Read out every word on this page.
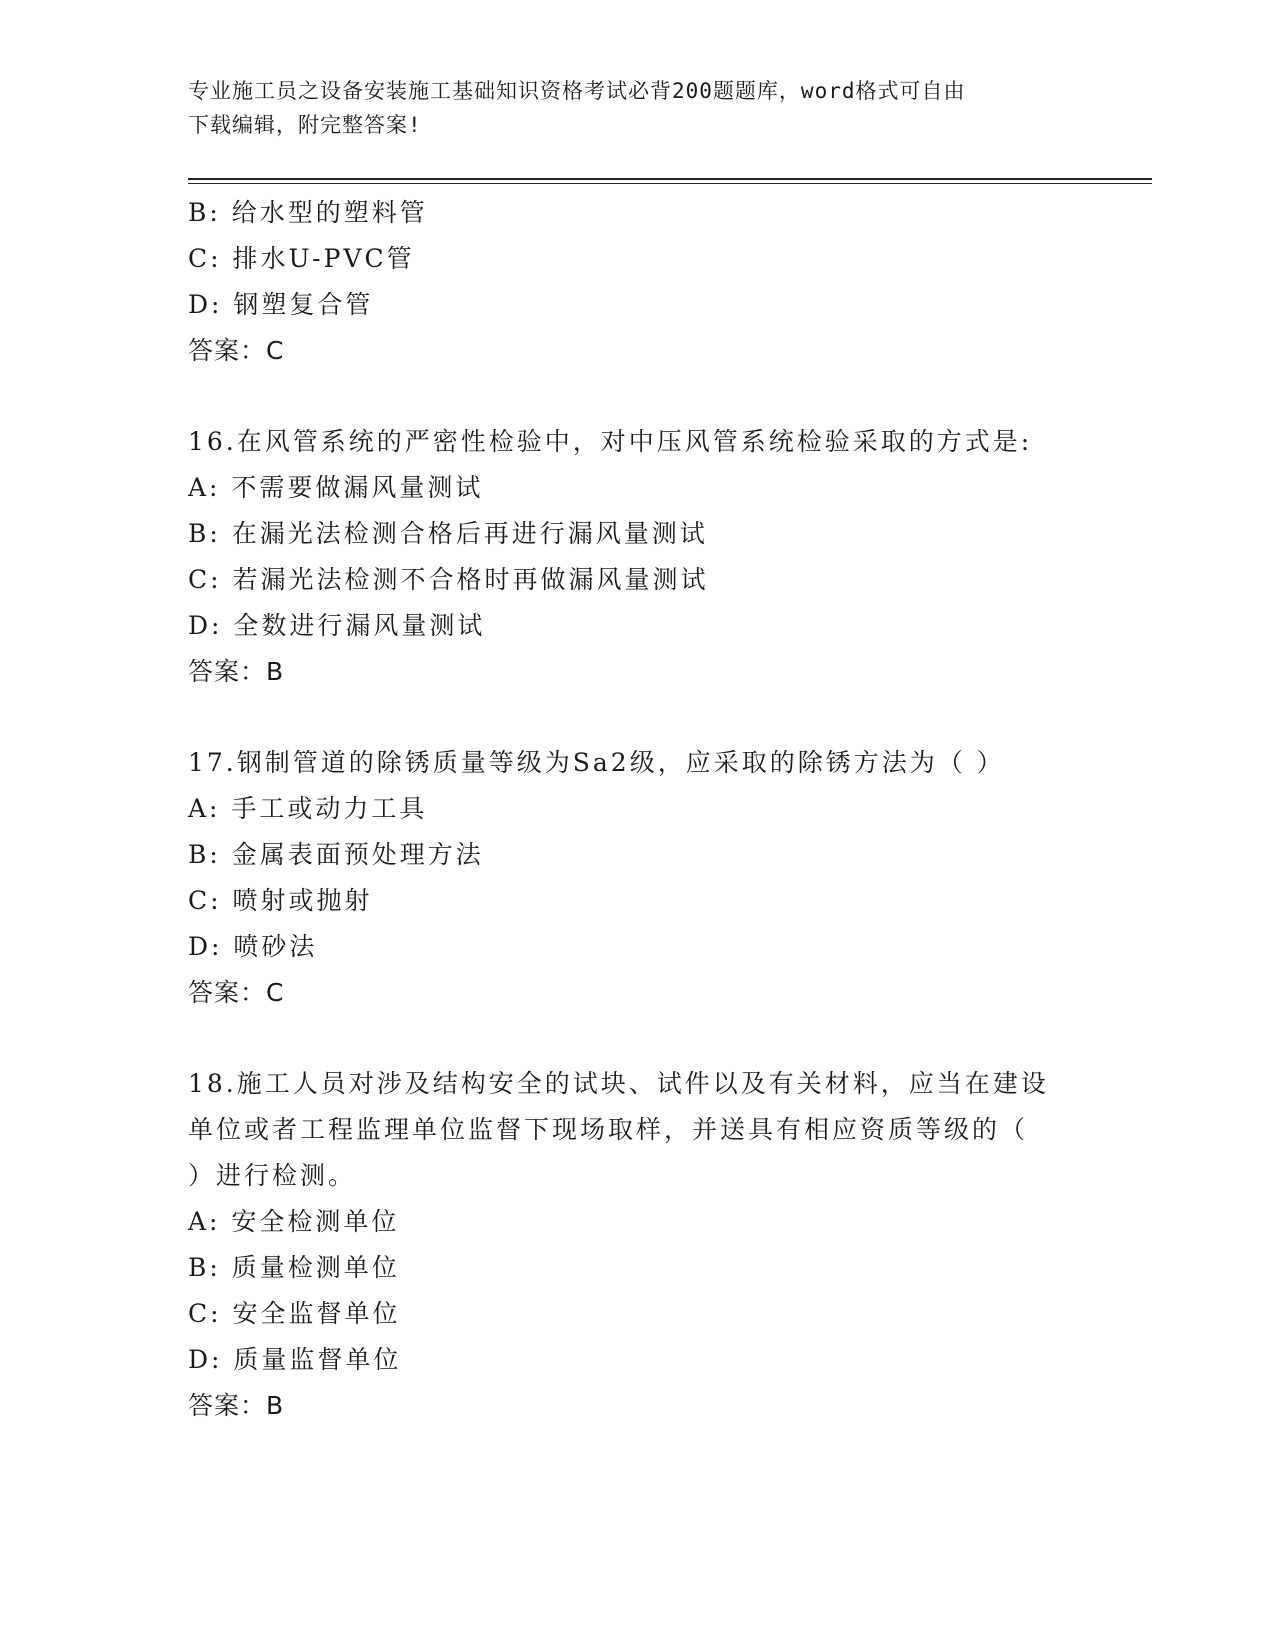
专业施工员之设备安装施工基础知识资格考试必背200题题库，word格式可自由
下载编辑，附完整答案!
B: 给水型的塑料管
C: 排水U-PVC管
D: 钢塑复合管
答案：C
16.在风管系统的严密性检验中，对中压风管系统检验采取的方式是:
A: 不需要做漏风量测试
B: 在漏光法检测合格后再进行漏风量测试
C: 若漏光法检测不合格时再做漏风量测试
D: 全数进行漏风量测试
答案：B
17.钢制管道的除锈质量等级为Sa2级，应采取的除锈方法为（ ）
A: 手工或动力工具
B: 金属表面预处理方法
C: 喷射或抛射
D: 喷砂法
答案：C
18.施工人员对涉及结构安全的试块、试件以及有关材料，应当在建设
单位或者工程监理单位监督下现场取样，并送具有相应资质等级的（
）进行检测。
A: 安全检测单位
B: 质量检测单位
C: 安全监督单位
D: 质量监督单位
答案：B
